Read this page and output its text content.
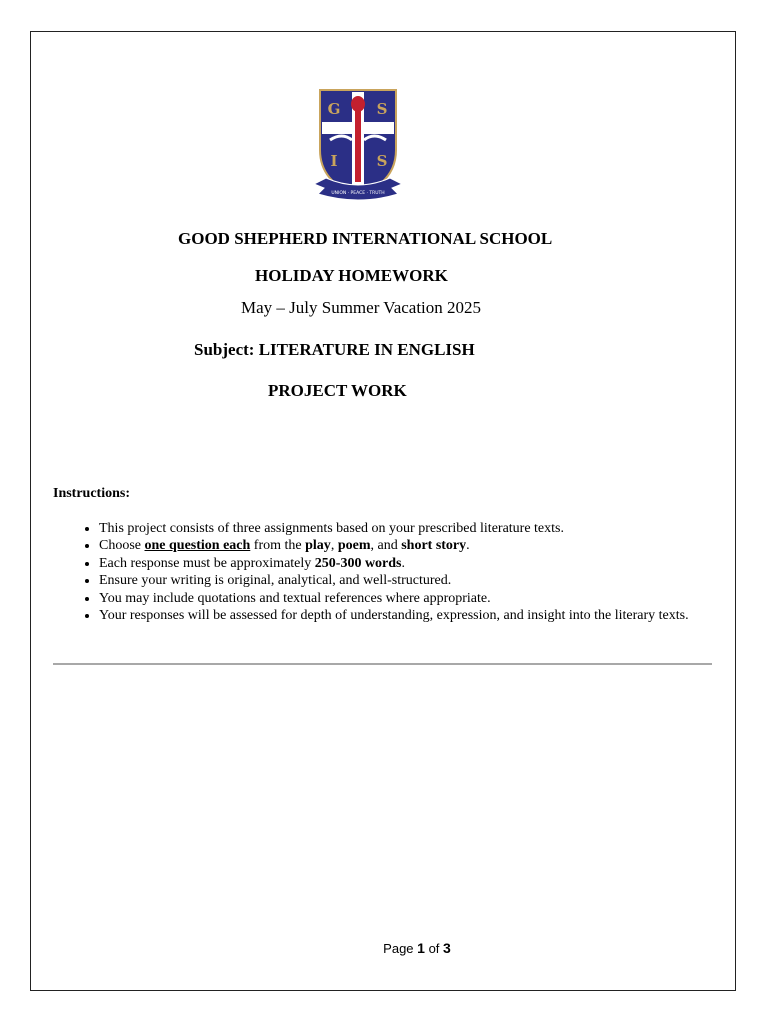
G S
I	S
UNION · PEACE · TRUTH
GOOD SHEPHERD INTERNATIONAL SCHOOL
HOLIDAY HOMEWORK
May – July Summer Vacation 2025
Subject: LITERATURE IN ENGLISH
PROJECT WORK
Instructions:
• This project consists of three assignments based on your prescribed literature texts.
• Choose one question each from the play, poem, and short story.
• Each response must be approximately 250-300 words.
• Ensure your writing is original, analytical, and well-structured.
• You may include quotations and textual references where appropriate.
• Your responses will be assessed for depth of understanding, expression, and insight into the literary texts.
Page 1 of 3
